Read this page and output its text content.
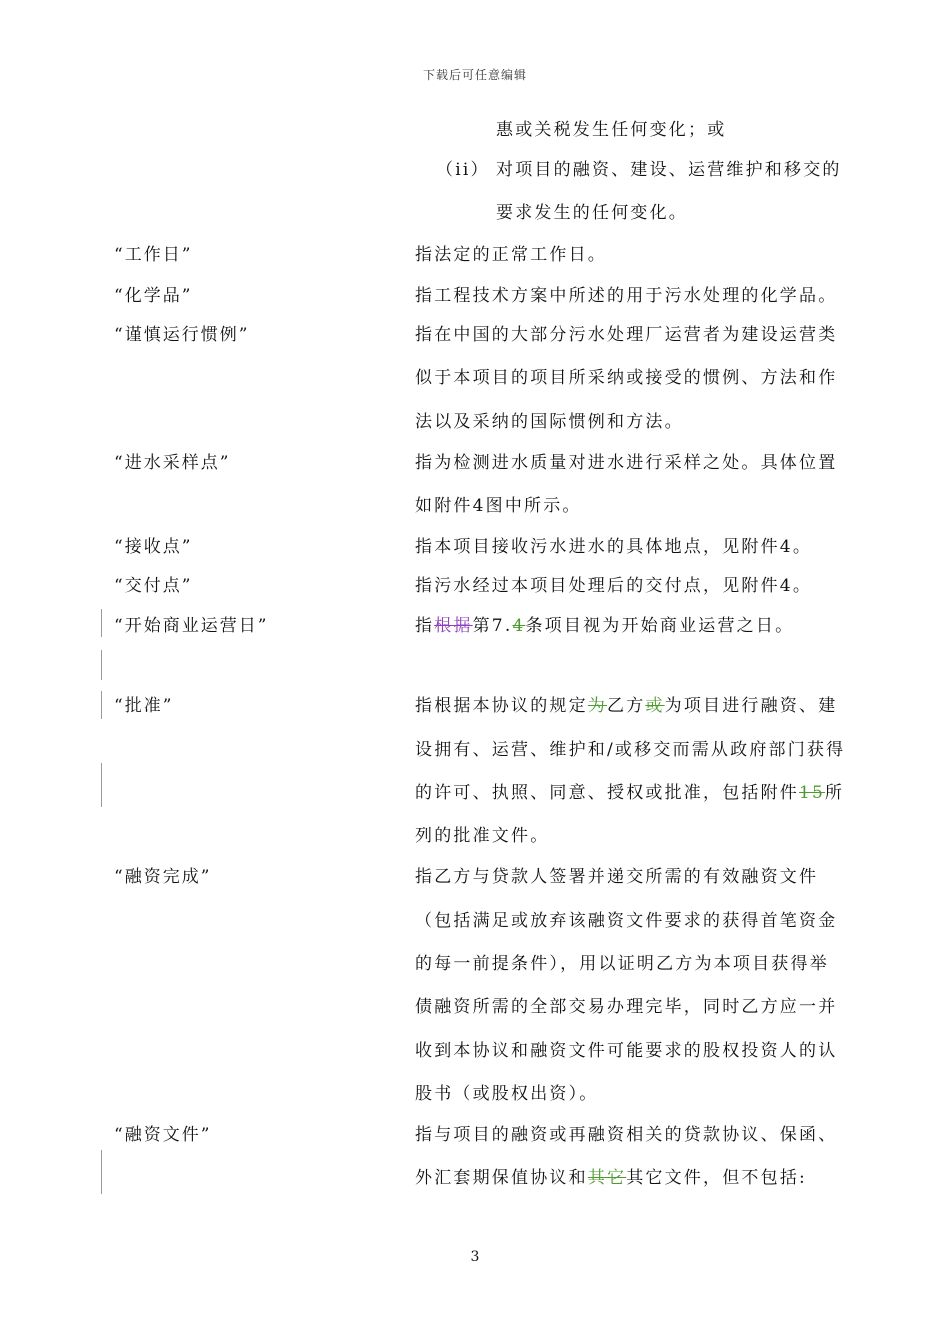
下载后可任意编辑
惠或关税发生任何变化；或
（ii） 对项目的融资、建设、运营维护和移交的
要求发生的任何变化。
“工作日”	指法定的正常工作日。
“化学品”	指工程技术方案中所述的用于污水处理的化学品。
“谨慎运行惯例”	指在中国的大部分污水处理厂运营者为建设运营类
似于本项目的项目所采纳或接受的惯例、方法和作
法以及采纳的国际惯例和方法。
“进水采样点”	指为检测进水质量对进水进行采样之处。具体位置
如附件4图中所示。
“接收点”	指本项目接收污水进水的具体地点，见附件4。
“交付点”	指污水经过本项目处理后的交付点，见附件4。
“开始商业运营日”	指根据第7.4条项目视为开始商业运营之日。
“批准”	指根据本协议的规定为乙方或为项目进行融资、建
设拥有、运营、维护和/或移交而需从政府部门获得
的许可、执照、同意、授权或批准，包括附件15所
列的批准文件。
“融资完成”	指乙方与贷款人签署并递交所需的有效融资文件
（包括满足或放弃该融资文件要求的获得首笔资金
的每一前提条件），用以证明乙方为本项目获得举
债融资所需的全部交易办理完毕，同时乙方应一并
收到本协议和融资文件可能要求的股权投资人的认
股书（或股权出资）。
“融资文件”	指与项目的融资或再融资相关的贷款协议、保函、
外汇套期保值协议和其它其它文件，但不包括:
3
